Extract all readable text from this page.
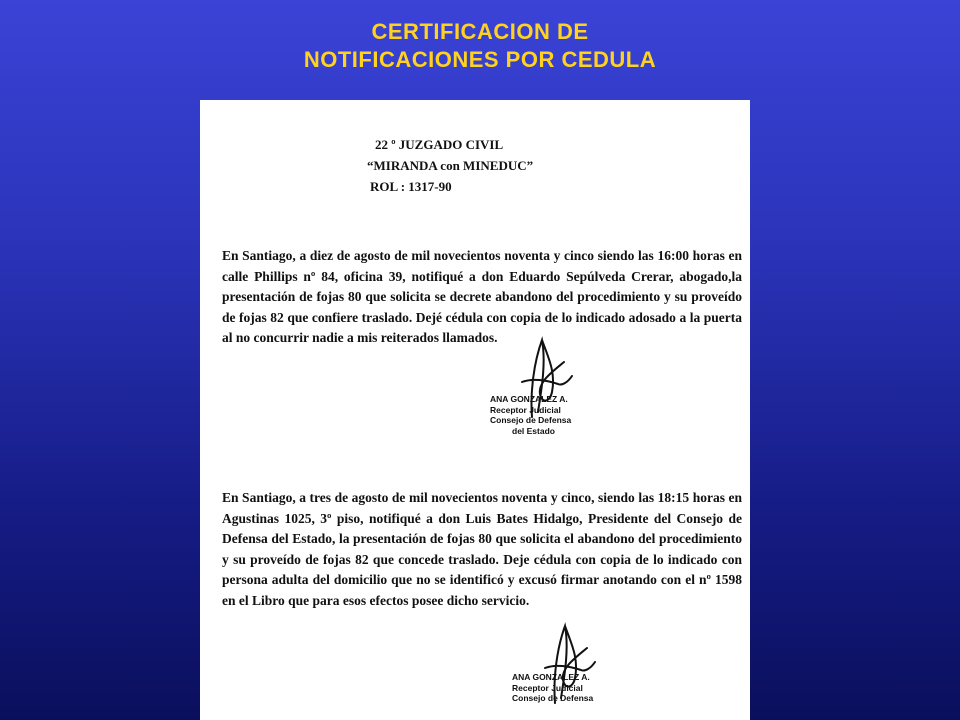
CERTIFICACION DE
NOTIFICACIONES POR CEDULA
22 º JUZGADO CIVIL
“MIRANDA con MINEDUC”
ROL : 1317-90

En Santiago, a diez de agosto de mil novecientos noventa y cinco siendo las 16:00 horas en calle Phillips nº 84, oficina 39, notifiqué a don Eduardo Sepúlveda Crerar, abogado,la presentación de fojas 80 que solicita se decrete abandono del procedimiento y su proveído de fojas 82 que confiere traslado. Dejé cédula con copia de lo indicado adosado a la puerta al no concurrir nadie a mis reiterados llamados.

ANA GONZALEZ A.
Receptor Judicial
Consejo de Defensa
del Estado

En Santiago, a tres de agosto de mil novecientos noventa y cinco, siendo las 18:15 horas en Agustinas 1025, 3º piso, notifiqué a don Luis Bates Hidalgo, Presidente del Consejo de Defensa del Estado, la presentación de fojas 80 que solicita el abandono del procedimiento y su proveído de fojas 82 que concede traslado. Deje cédula con copia de lo indicado con persona adulta del domicilio que no se identificó y excusó firmar anotando con el nº 1598 en el Libro que para esos efectos posee dicho servicio.

ANA GONZALEZ A.
Receptor Judicial
Consejo de Defensa
